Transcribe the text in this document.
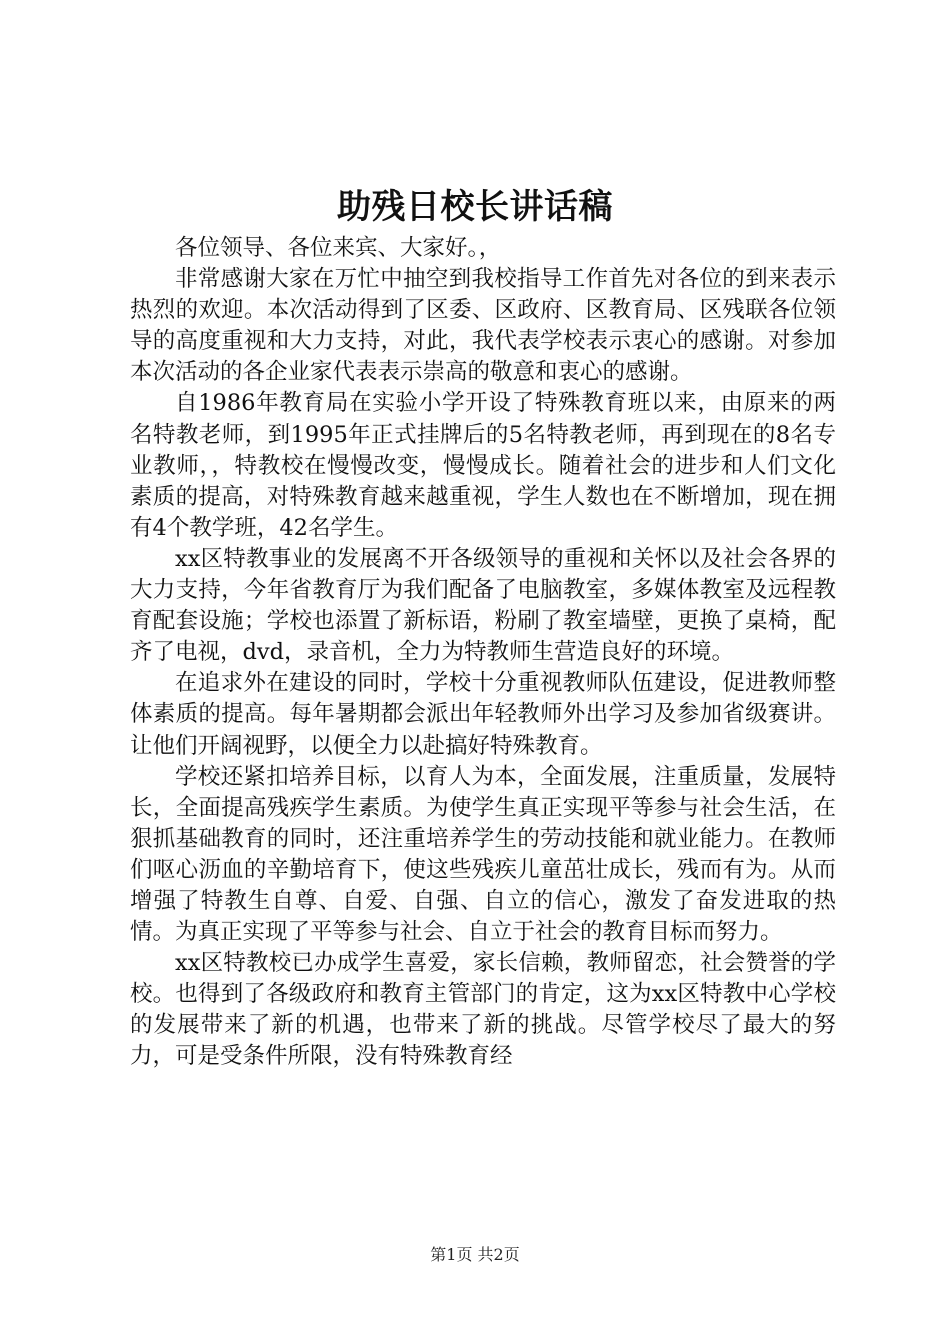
助残日校长讲话稿

各位领导、各位来宾、大家好。，

非常感谢大家在万忙中抽空到我校指导工作首先对各位的到来表示热烈的欢迎。本次活动得到了区委、区政府、区教育局、区残联各位领导的高度重视和大力支持，对此，我代表学校表示衷心的感谢。对参加本次活动的各企业家代表表示崇高的敬意和衷心的感谢。

自1986年教育局在实验小学开设了特殊教育班以来，由原来的两名特教老师，到1995年正式挂牌后的5名特教老师，再到现在的8名专业教师，，特教校在慢慢改变，慢慢成长。随着社会的进步和人们文化素质的提高，对特殊教育越来越重视，学生人数也在不断增加，现在拥有4个教学班，42名学生。

xx区特教事业的发展离不开各级领导的重视和关怀以及社会各界的大力支持，今年省教育厅为我们配备了电脑教室，多媒体教室及远程教育配套设施；学校也添置了新标语，粉刷了教室墙壁，更换了桌椅，配齐了电视，dvd，录音机，全力为特教师生营造良好的环境。

在追求外在建设的同时，学校十分重视教师队伍建设，促进教师整体素质的提高。每年暑期都会派出年轻教师外出学习及参加省级赛讲。让他们开阔视野，以便全力以赴搞好特殊教育。

学校还紧扣培养目标，以育人为本，全面发展，注重质量，发展特长，全面提高残疾学生素质。为使学生真正实现平等参与社会生活，在狠抓基础教育的同时，还注重培养学生的劳动技能和就业能力。在教师们呕心沥血的辛勤培育下，使这些残疾儿童茁壮成长，残而有为。从而增强了特教生自尊、自爱、自强、自立的信心，激发了奋发进取的热情。为真正实现了平等参与社会、自立于社会的教育目标而努力。

xx区特教校已办成学生喜爱，家长信赖，教师留恋，社会赞誉的学校。也得到了各级政府和教育主管部门的肯定，这为xx区特教中心学校的发展带来了新的机遇，也带来了新的挑战。尽管学校尽了最大的努力，可是受条件所限，没有特殊教育经

第1页 共2页
